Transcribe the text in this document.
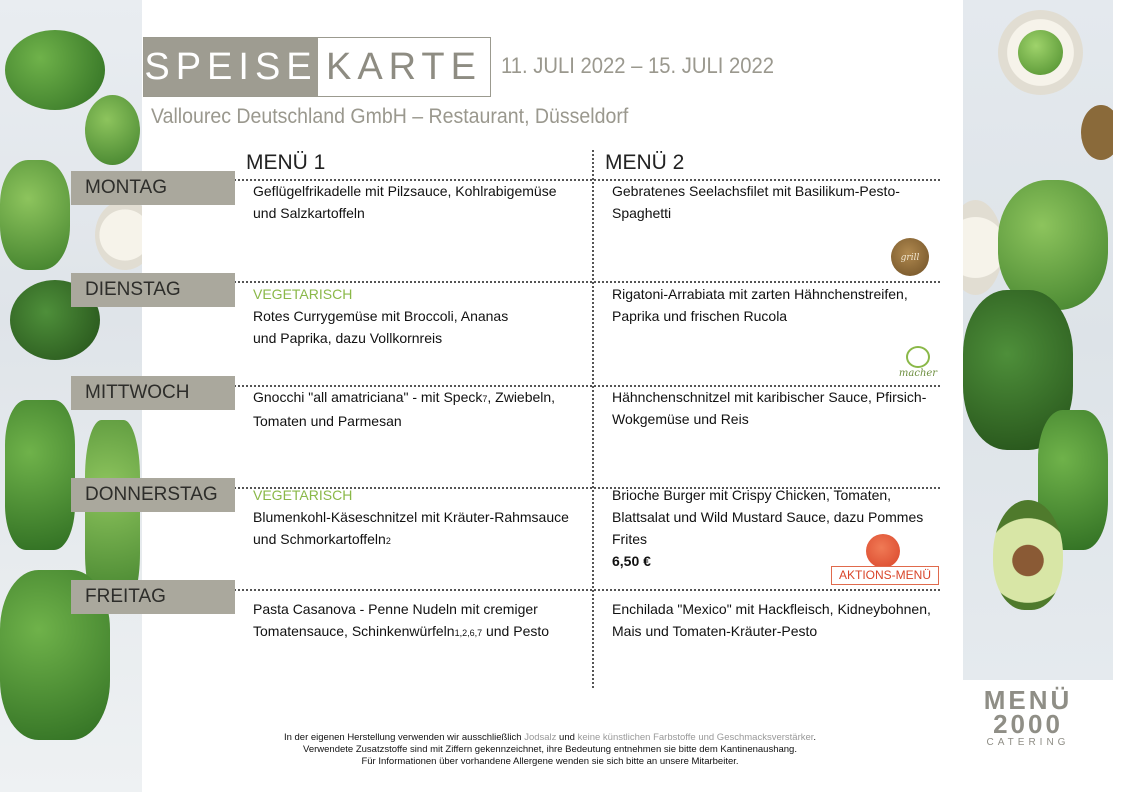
SPEISE KARTE 11. JULI 2022 – 15. JULI 2022
Vallourec Deutschland GmbH – Restaurant, Düsseldorf
MENÜ 1	MENÜ 2
MONTAG
DIENSTAG
MITTWOCH
DONNERSTAG
FREITAG
Geflügelfrikadelle mit Pilzsauce, Kohlrabigemüse
und Salzkartoffeln
Gebratenes Seelachsfilet mit Basilikum-Pesto-
Spaghetti
grill
VEGETARISCH
Rotes Currygemüse mit Broccoli, Ananas
und Paprika, dazu Vollkornreis
Rigatoni-Arrabiata mit zarten Hähnchenstreifen,
Paprika und frischen Rucola
macher
Gnocchi "all amatriciana" - mit Speck7, Zwiebeln,
Tomaten und Parmesan
Hähnchenschnitzel mit karibischer Sauce, Pfirsich-
Wokgemüse und Reis
VEGETARISCH
Blumenkohl-Käseschnitzel mit Kräuter-Rahmsauce
und Schmorkartoffeln2
Brioche Burger mit Crispy Chicken, Tomaten,
Blattsalat und Wild Mustard Sauce, dazu Pommes
Frites
6,50 €
AKTIONS-MENÜ
Pasta Casanova - Penne Nudeln mit cremiger
Tomatensauce, Schinkenwürfeln1,2,6,7 und Pesto
Enchilada "Mexico" mit Hackfleisch, Kidneybohnen,
Mais und Tomaten-Kräuter-Pesto
In der eigenen Herstellung verwenden wir ausschließlich Jodsalz und keine künstlichen Farbstoffe und Geschmacksverstärker.
Verwendete Zusatzstoffe sind mit Ziffern gekennzeichnet, ihre Bedeutung entnehmen sie bitte dem Kantinenaushang.
Für Informationen über vorhandene Allergene wenden sie sich bitte an unsere Mitarbeiter.
MENÜ
2000
CATERING
